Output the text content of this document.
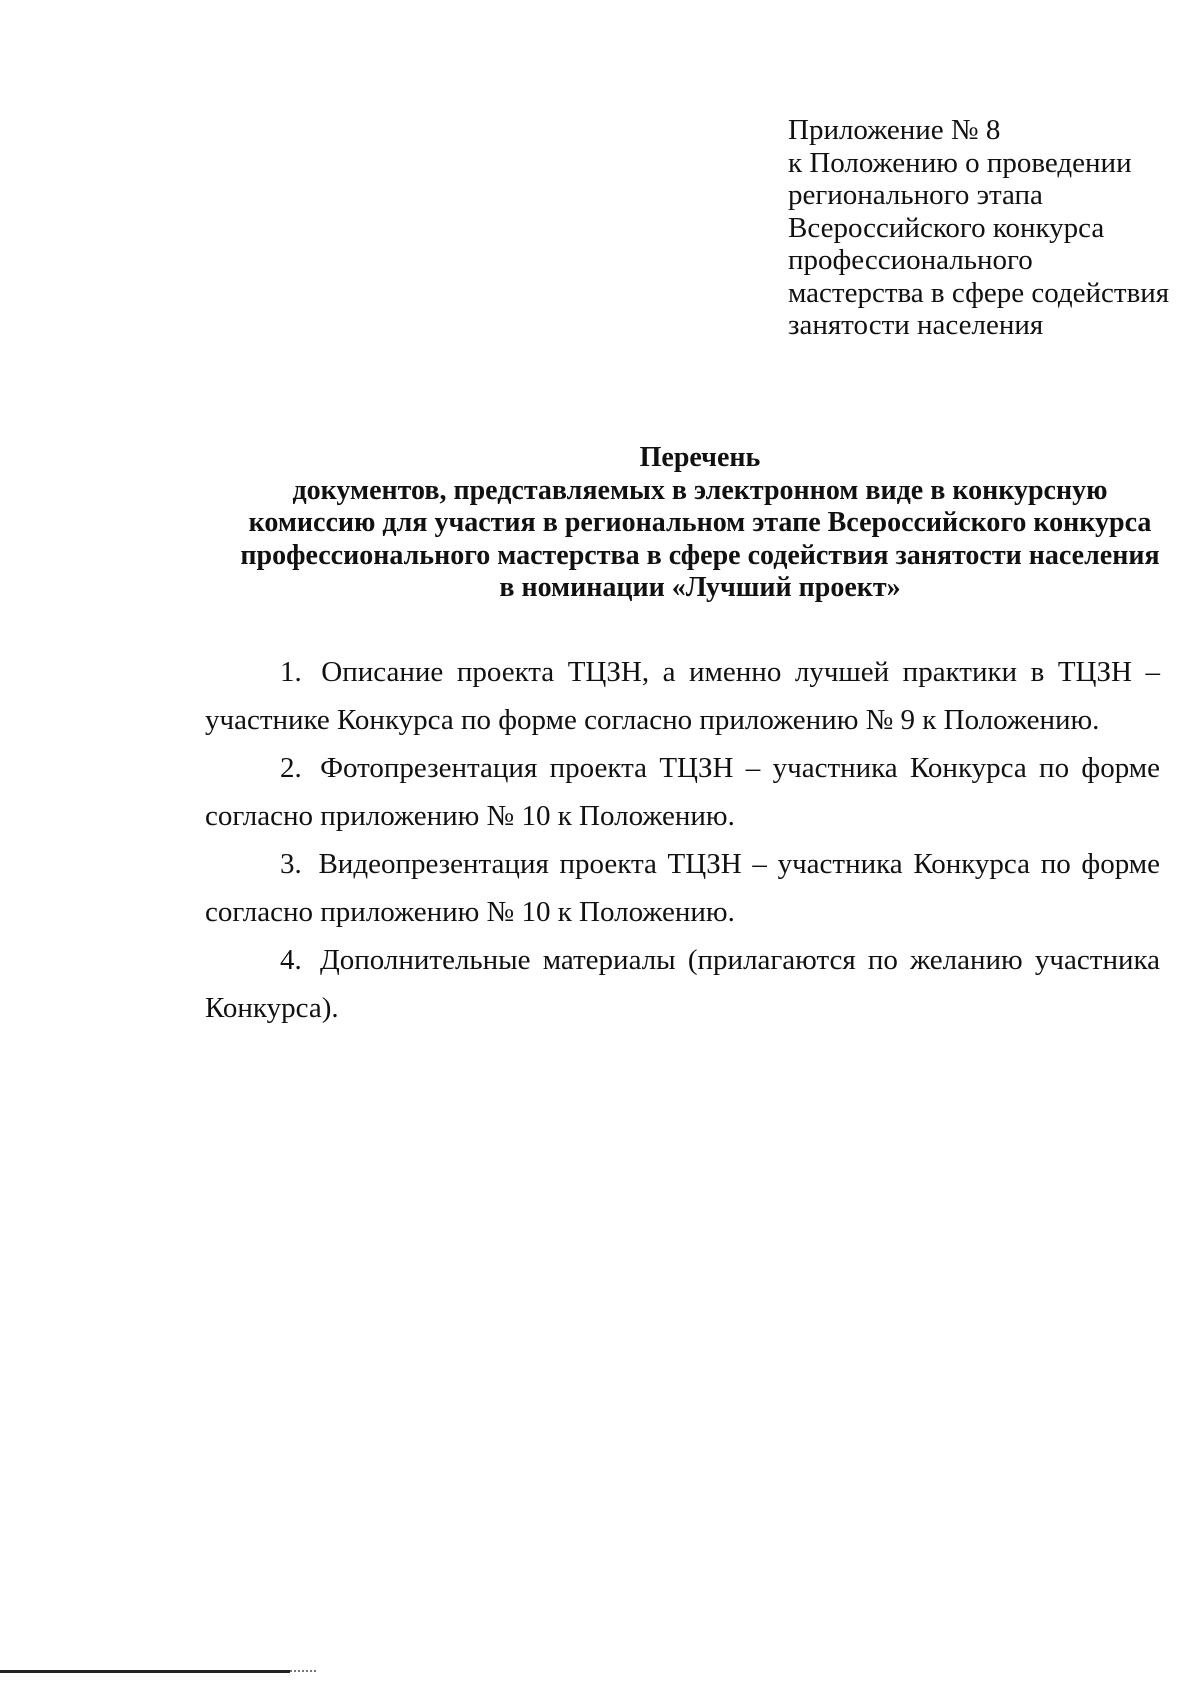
Приложение № 8
к Положению о проведении
регионального этапа
Всероссийского конкурса
профессионального
мастерства в сфере содействия
занятости населения
Перечень
документов, представляемых в электронном виде в конкурсную
комиссию для участия в региональном этапе Всероссийского конкурса
профессионального мастерства в сфере содействия занятости населения
в номинации «Лучший проект»

1. Описание проекта ТЦЗН, а именно лучшей практики в ТЦЗН – участнике Конкурса по форме согласно приложению № 9 к Положению.

2. Фотопрезентация проекта ТЦЗН – участника Конкурса по форме согласно приложению № 10 к Положению.

3. Видеопрезентация проекта ТЦЗН – участника Конкурса по форме согласно приложению № 10 к Положению.

4. Дополнительные материалы (прилагаются по желанию участника Конкурса).
